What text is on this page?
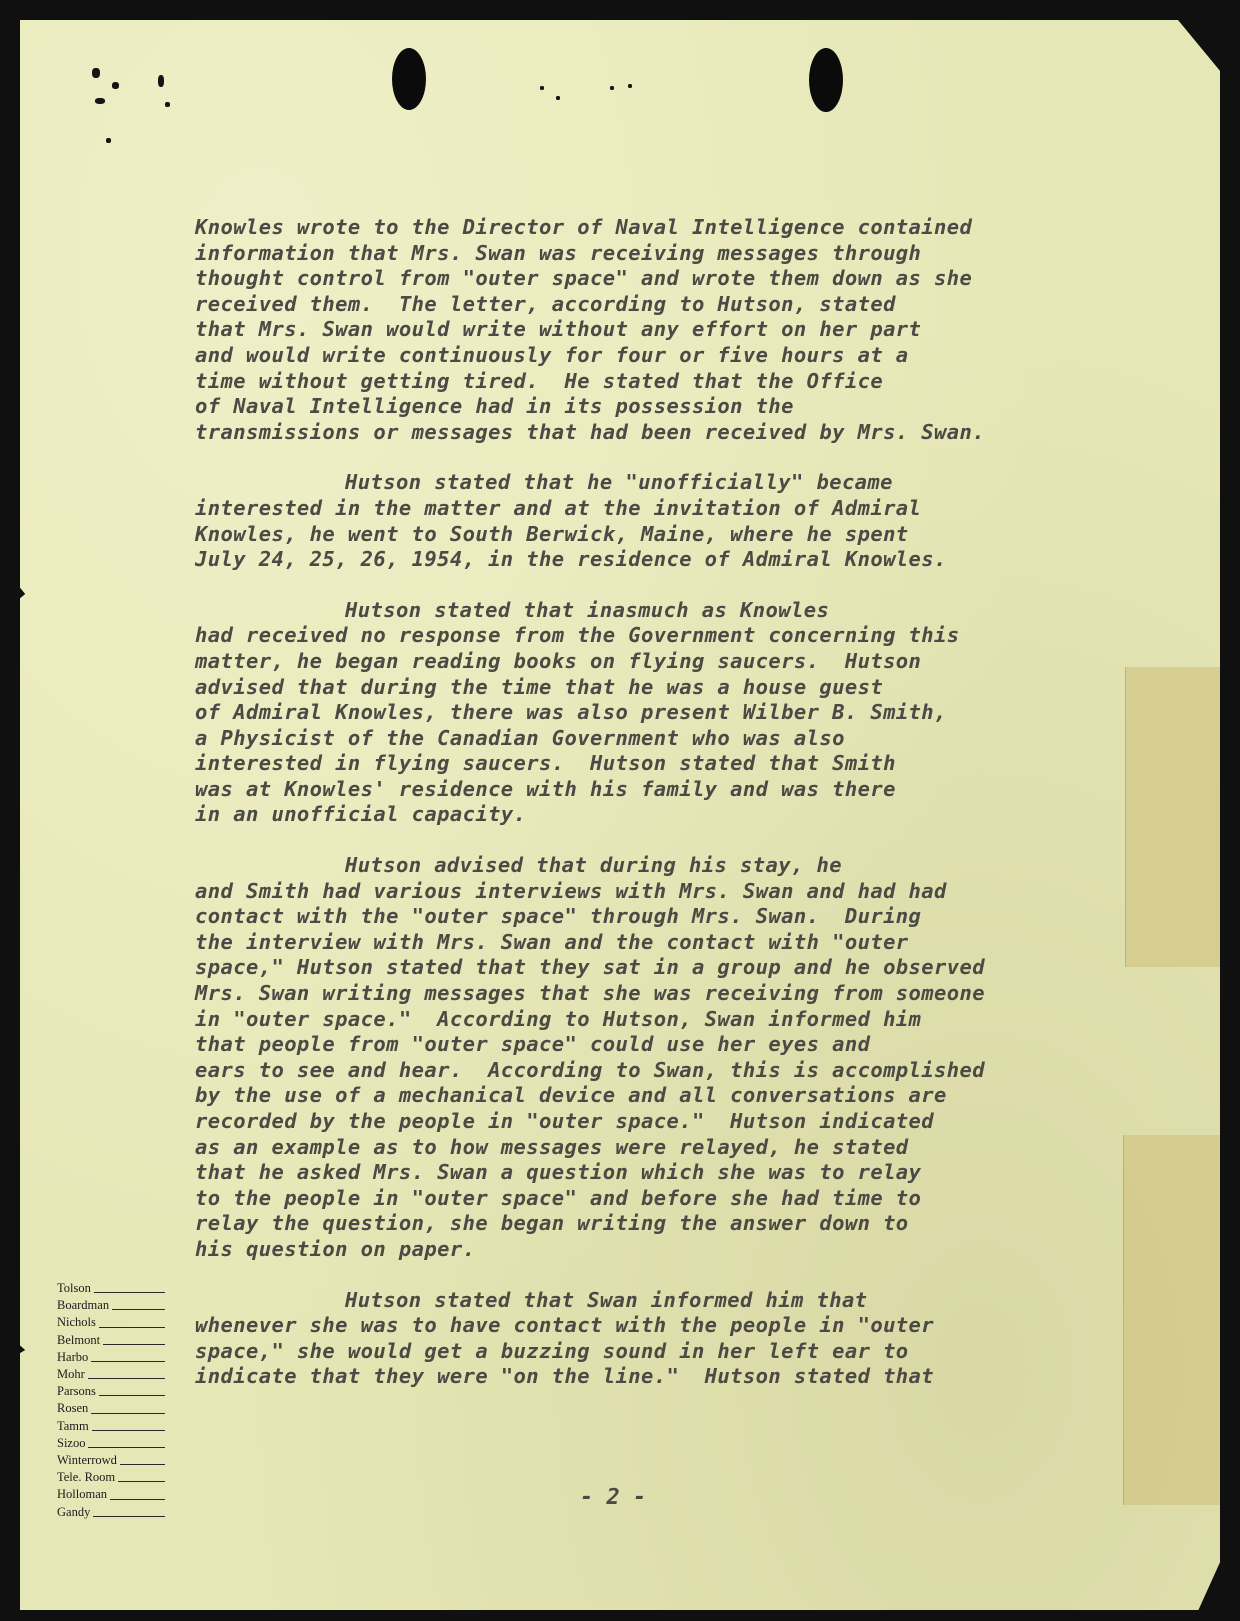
Knowles wrote to the Director of Naval Intelligence contained
information that Mrs. Swan was receiving messages through
thought control from "outer space" and wrote them down as she
received them.  The letter, according to Hutson, stated
that Mrs. Swan would write without any effort on her part
and would write continuously for four or five hours at a
time without getting tired.  He stated that the Office
of Naval Intelligence had in its possession the
transmissions or messages that had been received by Mrs. Swan.
Hutson stated that he "unofficially" became
interested in the matter and at the invitation of Admiral
Knowles, he went to South Berwick, Maine, where he spent
July 24, 25, 26, 1954, in the residence of Admiral Knowles.
Hutson stated that inasmuch as Knowles
had received no response from the Government concerning this
matter, he began reading books on flying saucers.  Hutson
advised that during the time that he was a house guest
of Admiral Knowles, there was also present Wilber B. Smith,
a Physicist of the Canadian Government who was also
interested in flying saucers.  Hutson stated that Smith
was at Knowles' residence with his family and was there
in an unofficial capacity.
Hutson advised that during his stay, he
and Smith had various interviews with Mrs. Swan and had had
contact with the "outer space" through Mrs. Swan.  During
the interview with Mrs. Swan and the contact with "outer
space," Hutson stated that they sat in a group and he observed
Mrs. Swan writing messages that she was receiving from someone
in "outer space."  According to Hutson, Swan informed him
that people from "outer space" could use her eyes and
ears to see and hear.  According to Swan, this is accomplished
by the use of a mechanical device and all conversations are
recorded by the people in "outer space."  Hutson indicated
as an example as to how messages were relayed, he stated
that he asked Mrs. Swan a question which she was to relay
to the people in "outer space" and before she had time to
relay the question, she began writing the answer down to
his question on paper.
Hutson stated that Swan informed him that
whenever she was to have contact with the people in "outer
space," she would get a buzzing sound in her left ear to
indicate that they were "on the line."  Hutson stated that
Tolson
Boardman
Nichols
Belmont
Harbo
Mohr
Parsons
Rosen
Tamm
Sizoo
Winterrowd
Tele. Room
Holloman
Gandy
- 2 -
